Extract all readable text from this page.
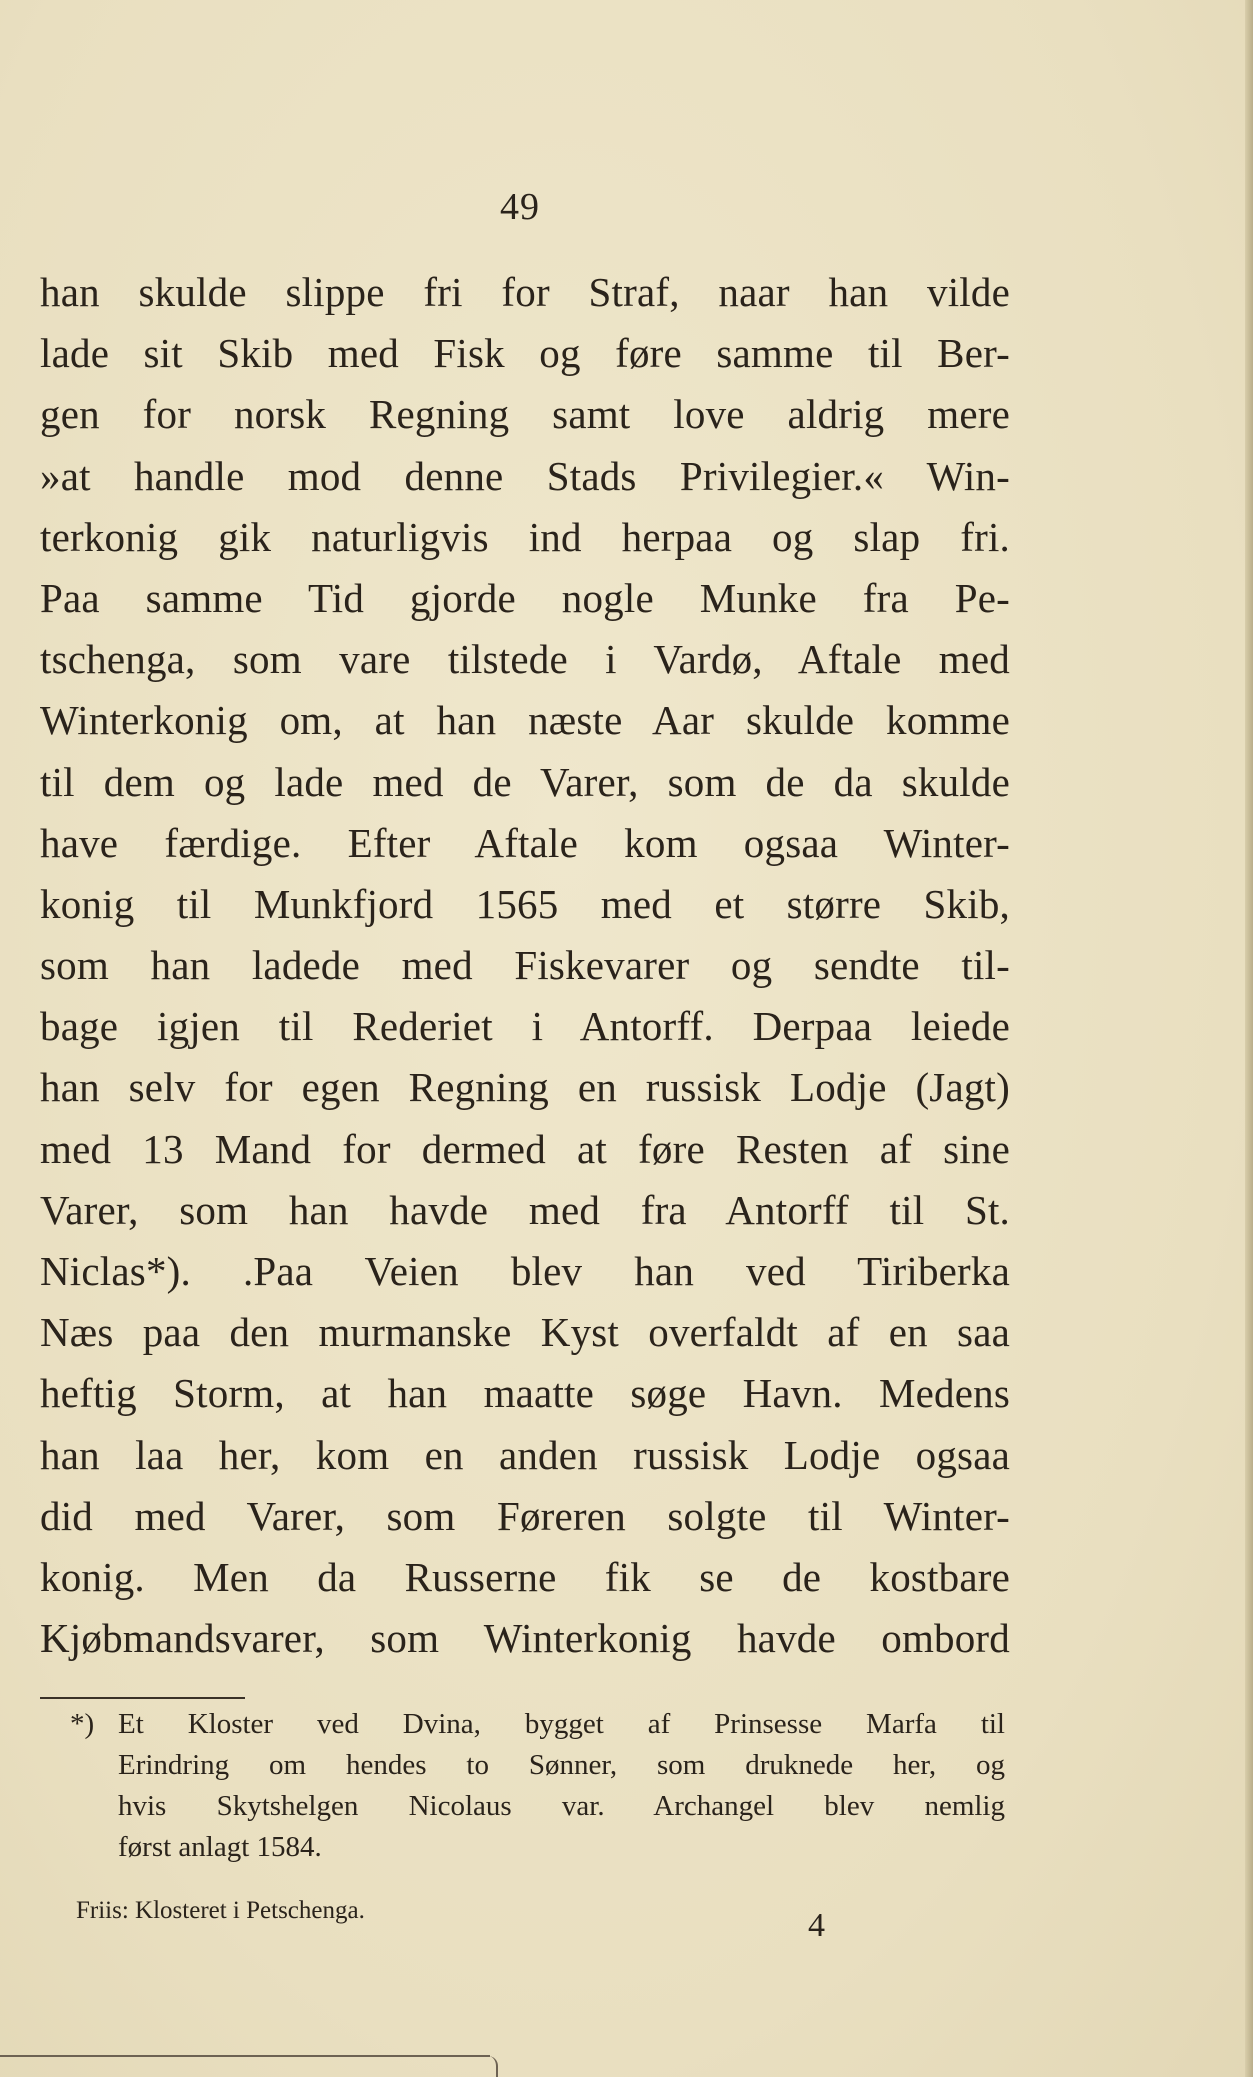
49
han skulde slippe fri for Straf, naar han vilde
lade sit Skib med Fisk og føre samme til Ber-
gen for norsk Regning samt love aldrig mere
»at handle mod denne Stads Privilegier.« Win-
terkonig gik naturligvis ind herpaa og slap fri.
Paa samme Tid gjorde nogle Munke fra Pe-
tschenga, som vare tilstede i Vardø, Aftale med
Winterkonig om, at han næste Aar skulde komme
til dem og lade med de Varer, som de da skulde
have færdige. Efter Aftale kom ogsaa Winter-
konig til Munkfjord 1565 med et større Skib,
som han ladede med Fiskevarer og sendte til-
bage igjen til Rederiet i Antorff. Derpaa leiede
han selv for egen Regning en russisk Lodje (Jagt)
med 13 Mand for dermed at føre Resten af sine
Varer, som han havde med fra Antorff til St.
Niclas*). .Paa Veien blev han ved Tiriberka
Næs paa den murmanske Kyst overfaldt af en saa
heftig Storm, at han maatte søge Havn. Medens
han laa her, kom en anden russisk Lodje ogsaa
did med Varer, som Føreren solgte til Winter-
konig. Men da Russerne fik se de kostbare
Kjøbmandsvarer, som Winterkonig havde ombord
*) Et Kloster ved Dvina, bygget af Prinsesse Marfa til
Erindring om hendes to Sønner, som druknede her, og
hvis Skytshelgen Nicolaus var. Archangel blev nemlig
først anlagt 1584.
Friis: Klosteret i Petschenga.	4
